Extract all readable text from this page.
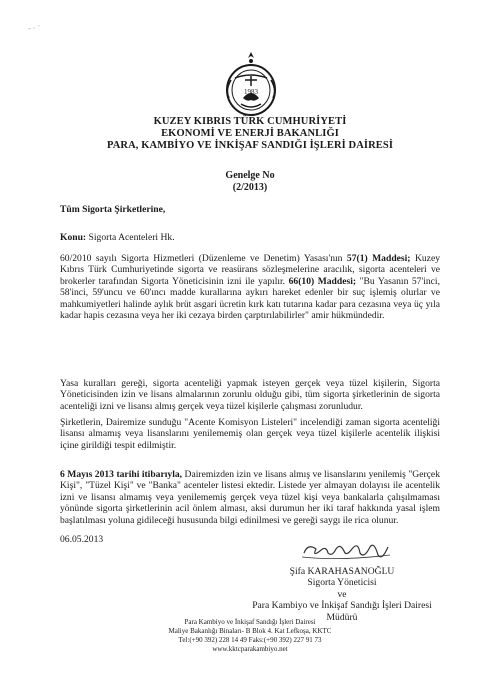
- ⋅ ˊ
1983
KUZEY KIBRIS TÜRK CUMHURİYETİ
EKONOMİ VE ENERJİ BAKANLIĞI
PARA, KAMBİYO VE İNKİŞAF SANDIĞI İŞLERİ DAİRESİ
Genelge No
(2/2013)
Tüm Sigorta Şirketlerine,
Konu: Sigorta Acenteleri Hk.
60/2010 sayılı Sigorta Hizmetleri (Düzenleme ve Denetim) Yasası'nın 57(1) Maddesi; Kuzey Kıbrıs Türk Cumhuriyetinde sigorta ve reasürans sözleşmelerine aracılık, sigorta acenteleri ve brokerler tarafından Sigorta Yöneticisinin izni ile yapılır. 66(10) Maddesi; "Bu Yasanın 57'inci, 58'inci, 59'uncu ve 60'ıncı madde kurallarına aykırı hareket edenler bir suç işlemiş olurlar ve mahkumiyetleri halinde aylık brüt asgari ücretin kırk katı tutarına kadar para cezasına veya üç yıla kadar hapis cezasına veya her iki cezaya birden çarptırılabilirler" amir hükmündedir.
Yasa kuralları gereği, sigorta acenteliği yapmak isteyen gerçek veya tüzel kişilerin, Sigorta Yöneticisinden izin ve lisans almalarının zorunlu olduğu gibi, tüm sigorta şirketlerinin de sigorta acenteliği izni ve lisansı almış gerçek veya tüzel kişilerle çalışması zorunludur.
Şirketlerin, Dairemize sunduğu "Acente Komisyon Listeleri" incelendiği zaman sigorta acenteliği lisansı almamış veya lisanslarını yenilememiş olan gerçek veya tüzel kişilerle acentelik ilişkisi içine girildiği tespit edilmiştir.
6 Mayıs 2013 tarihi itibarıyla, Dairemizden izin ve lisans almış ve lisanslarını yenilemiş "Gerçek Kişi", "Tüzel Kişi" ve "Banka" acenteler listesi ektedir. Listede yer almayan dolayısı ile acentelik izni ve lisansı almamış veya yenilememiş gerçek veya tüzel kişi veya bankalarla çalışılmaması yönünde sigorta şirketlerinin acil önlem alması, aksi durumun her iki taraf hakkında yasal işlem başlatılması yoluna gidileceği hususunda bilgi edinilmesi ve gereği saygı ile rica olunur.
06.05.2013
Şifa KARAHASANOĞLU
Sigorta Yöneticisi
ve
Para Kambiyo ve İnkişaf Sandığı İşleri Dairesi
Müdürü
Para Kambiyo ve İnkişaf Sandığı İşleri Dairesi
Maliye Bakanlığı Binaları- B Blok 4. Kat Lefkoşa, KKTC
Tel:(+90 392) 228 14 49 Faks:(+90 392) 227 91 73
www.kktcparakambiyo.net
